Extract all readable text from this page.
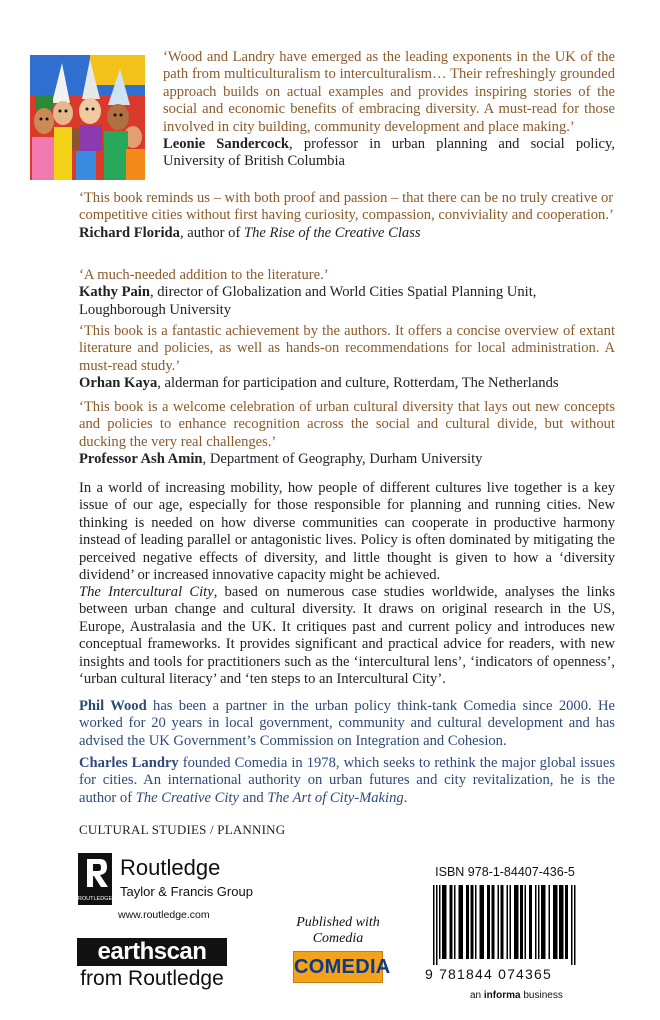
‘Wood and Landry have emerged as the leading exponents in the UK of the path from multiculturalism to interculturalism… Their refreshingly grounded approach builds on actual examples and provides inspiring stories of the social and economic benefits of embracing diversity. A must-read for those involved in city building, community development and place making.’
Leonie Sandercock, professor in urban planning and social policy, University of British Columbia
‘This book reminds us – with both proof and passion – that there can be no truly creative or competitive cities without first having curiosity, compassion, conviviality and cooperation.’
Richard Florida, author of The Rise of the Creative Class
‘A much-needed addition to the literature.’
Kathy Pain, director of Globalization and World Cities Spatial Planning Unit, Loughborough University
‘This book is a fantastic achievement by the authors. It offers a concise overview of extant literature and policies, as well as hands-on recommendations for local administration. A must-read study.’
Orhan Kaya, alderman for participation and culture, Rotterdam, The Netherlands
‘This book is a welcome celebration of urban cultural diversity that lays out new concepts and policies to enhance recognition across the social and cultural divide, but without ducking the very real challenges.’
Professor Ash Amin, Department of Geography, Durham University

In a world of increasing mobility, how people of different cultures live together is a key issue of our age, especially for those responsible for planning and running cities. New thinking is needed on how diverse communities can cooperate in productive harmony instead of leading parallel or antagonistic lives. Policy is often dominated by mitigating the perceived negative effects of diversity, and little thought is given to how a ‘diversity dividend’ or increased innovative capacity might be achieved.

The Intercultural City, based on numerous case studies worldwide, analyses the links between urban change and cultural diversity. It draws on original research in the US, Europe, Australasia and the UK. It critiques past and current policy and introduces new conceptual frameworks. It provides significant and practical advice for readers, with new insights and tools for practitioners such as the ‘intercultural lens’, ‘indicators of openness’, ‘urban cultural literacy’ and ‘ten steps to an Intercultural City’.

Phil Wood has been a partner in the urban policy think-tank Comedia since 2000. He worked for 20 years in local government, community and cultural development and has advised the UK Government’s Commission on Integration and Cohesion.

Charles Landry founded Comedia in 1978, which seeks to rethink the major global issues for cities. An international authority on urban futures and city revitalization, he is the author of The Creative City and The Art of City-Making.

CULTURAL STUDIES / PLANNING
ROUTLEDGE
Routledge
Taylor & Francis Group
www.routledge.com
earthscan
from Routledge
Published with Comedia
COMEDIA
ISBN 978-1-84407-436-5
9 781844 074365
an informa business
